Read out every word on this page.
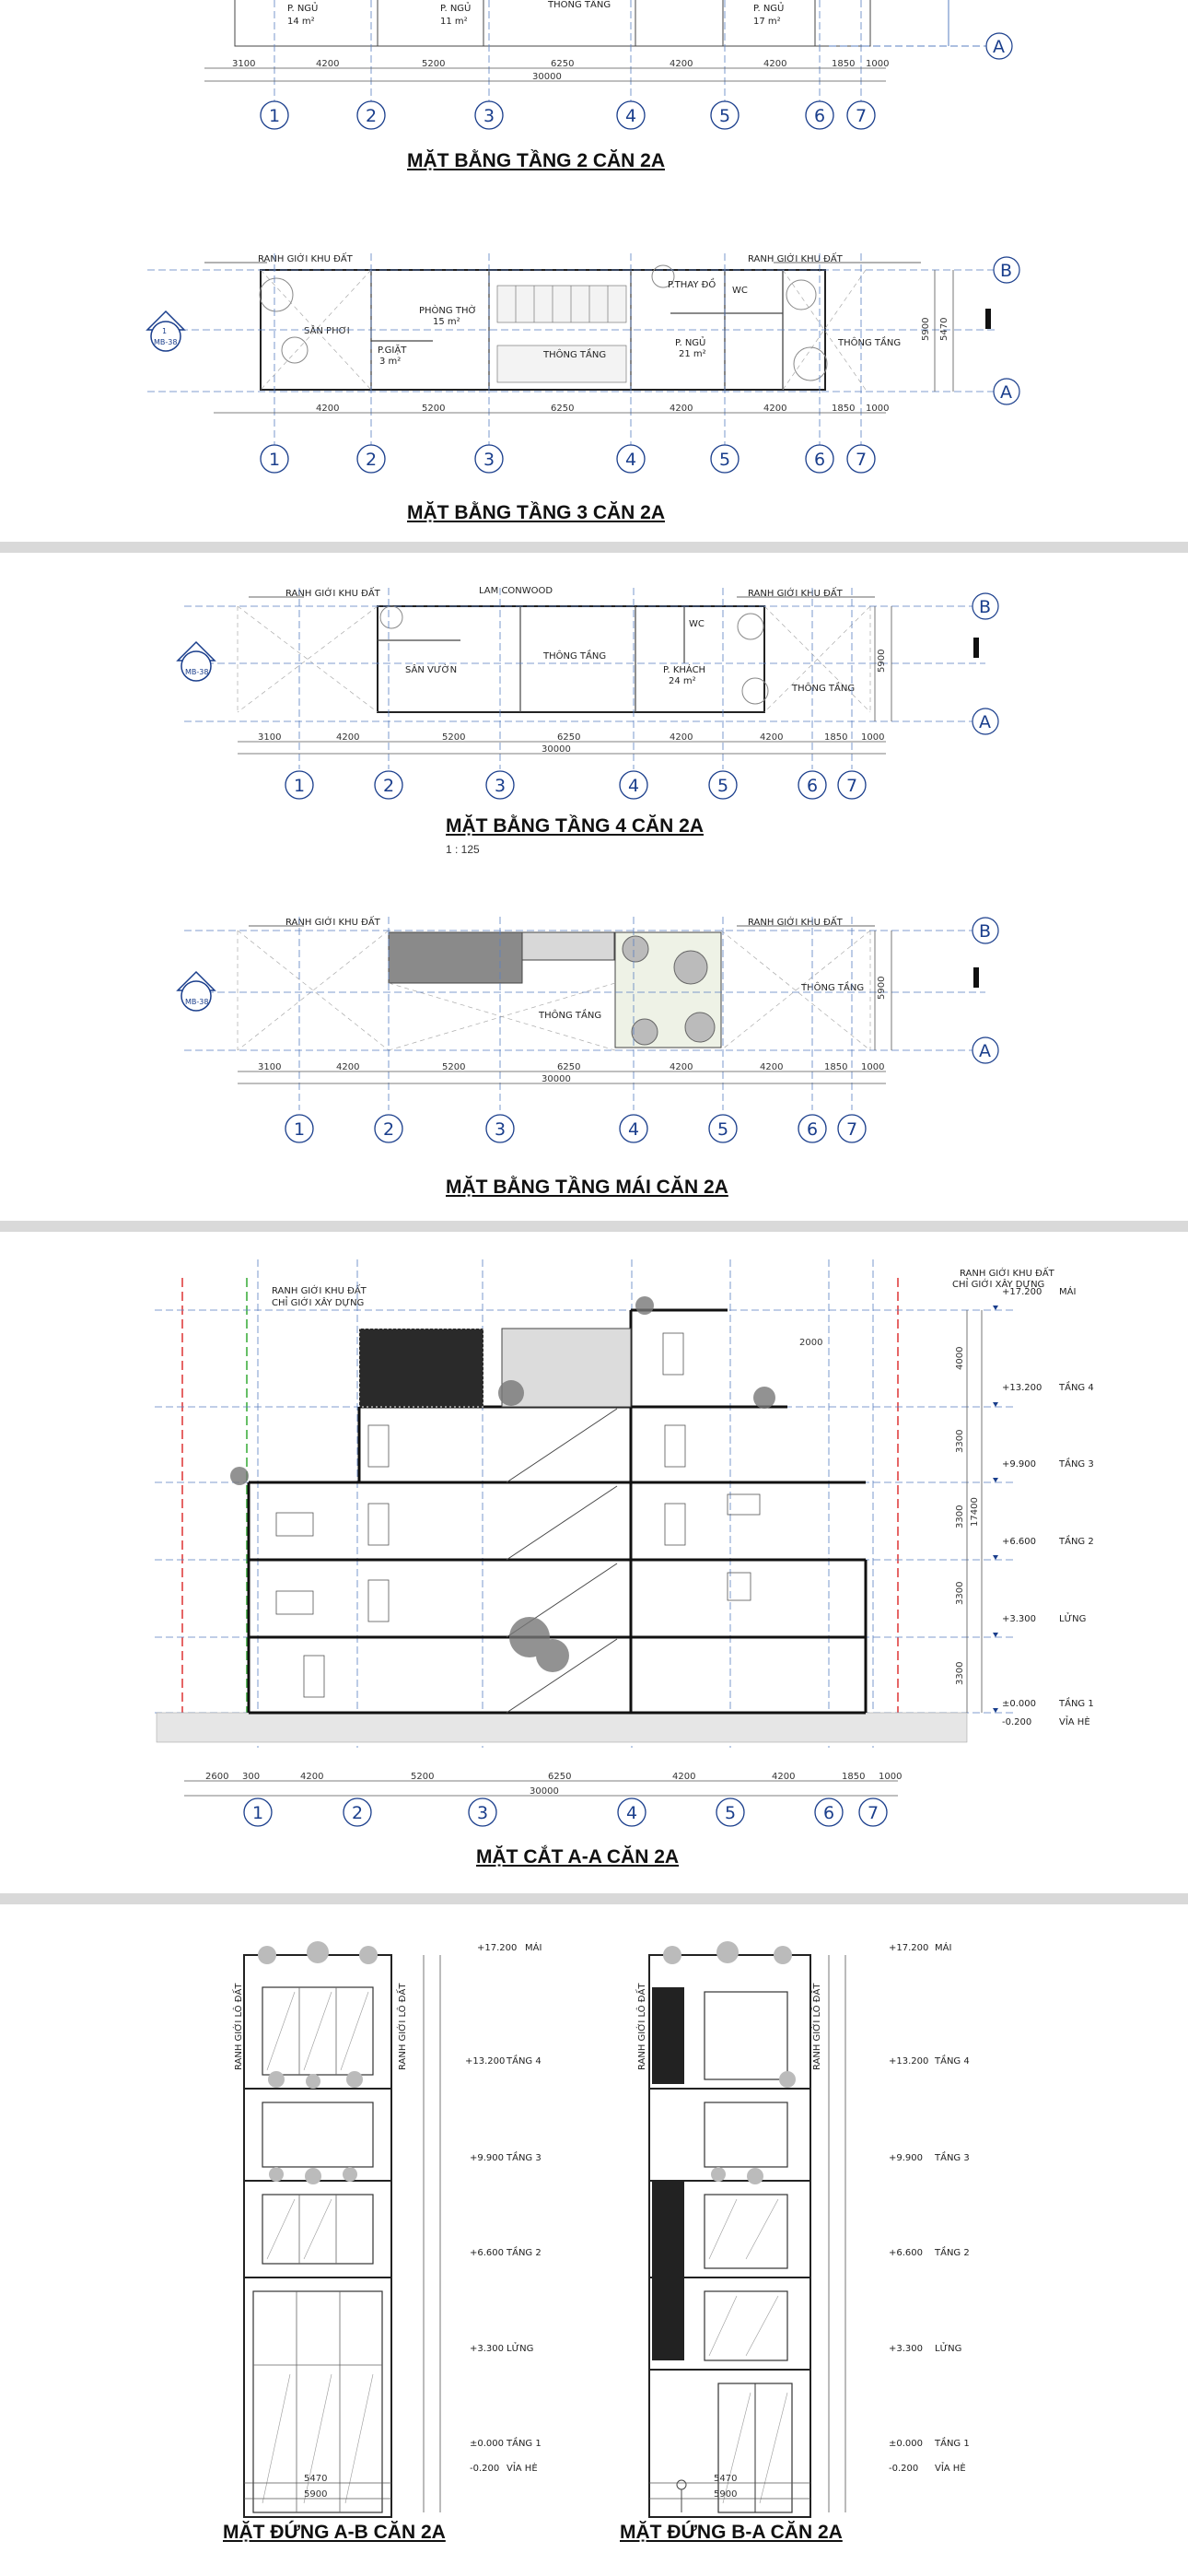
P. NGỦ
14 m²
P. NGỦ
11 m²
THÔNG TẦNG	P. NGỦ
17 m²
3100	4200	5200	6250	4200	4200	1850 1000
30000
1	2	3	4	5	6 7
A
MẶT BẰNG TẦNG 2 CĂN 2A
RANH GIỚI KHU ĐẤT	RANH GIỚI KHU ĐẤT
PHÒNG THỜ
15 m²
P.GIẶT
3 m²
P.THAY ĐỒ
WC
P. NGỦ
21 m²
THÔNG TẦNG
SÂN PHƠI
THÔNG TẦNG
5900 5470
B
A
1
MB-38
4200	5200	6250	4200	4200	1850 1000
1	2	3	4	5	6 7
MẶT BẰNG TẦNG 3 CĂN 2A
RANH GIỚI KHU ĐẤT	RANH GIỚI KHU ĐẤT
LAM CONWOOD
SÂN VƯỜN
THÔNG TẦNG
P. KHÁCH
24 m²
WC
THÔNG TẦNG
5900
B
A
MB-38
3100	4200	5200	6250	4200	4200	1850 1000
30000
1	2	3	4	5	6 7
RANH GIỚI KHU ĐẤT	RANH GIỚI KHU ĐẤT
THÔNG TẦNG
THÔNG TẦNG 5900
B
A
MB-38
3100	4200	5200	6250	4200	4200	1850 1000
30000
1	2	3	4	5	6 7
MẶT BẰNG TẦNG 4 CĂN 2A
1 : 125
MẶT BẰNG TẦNG MÁI CĂN 2A
RANH GIỚI KHU ĐẤT
CHỈ GIỚI XÂY DỰNG
RANH GIỚI KHU ĐẤT
CHỈ GIỚI XÂY DỰNG
+17.200 MÁI
+13.200 TẦNG 4
+9.900 TẦNG 3
+6.600 TẦNG 2
+3.300 LỬNG
±0.000 TẦNG 1
-0.200	VỈA HÈ
4000
3300
3300
3300
3300
17400
2000
2600 300	4200	5200	6250	4200	4200	1850 1000
30000
1	2	3	4	5	6 7
MẶT CẮT A-A CĂN 2A
RANH GIỚI LÔ ĐẤT	RANH GIỚI LÔ ĐẤT
+17.200 MÁI
+13.200 TẦNG 4
+9.900 TẦNG 3
+6.600 TẦNG 2
+3.300 LỬNG
±0.000 TẦNG 1
-0.200 VỈA HÈ
5470
5900
RANH GIỚI LÔ ĐẤT	RANH GIỚI LÔ ĐẤT
+17.200 MÁI
+13.200 TẦNG 4
+9.900 TẦNG 3
+6.600 TẦNG 2
+3.300 LỬNG
±0.000 TẦNG 1
-0.200 VỈA HÈ
5470
5900
MẶT ĐỨNG A-B CĂN 2A	MẶT ĐỨNG B-A CĂN 2A
